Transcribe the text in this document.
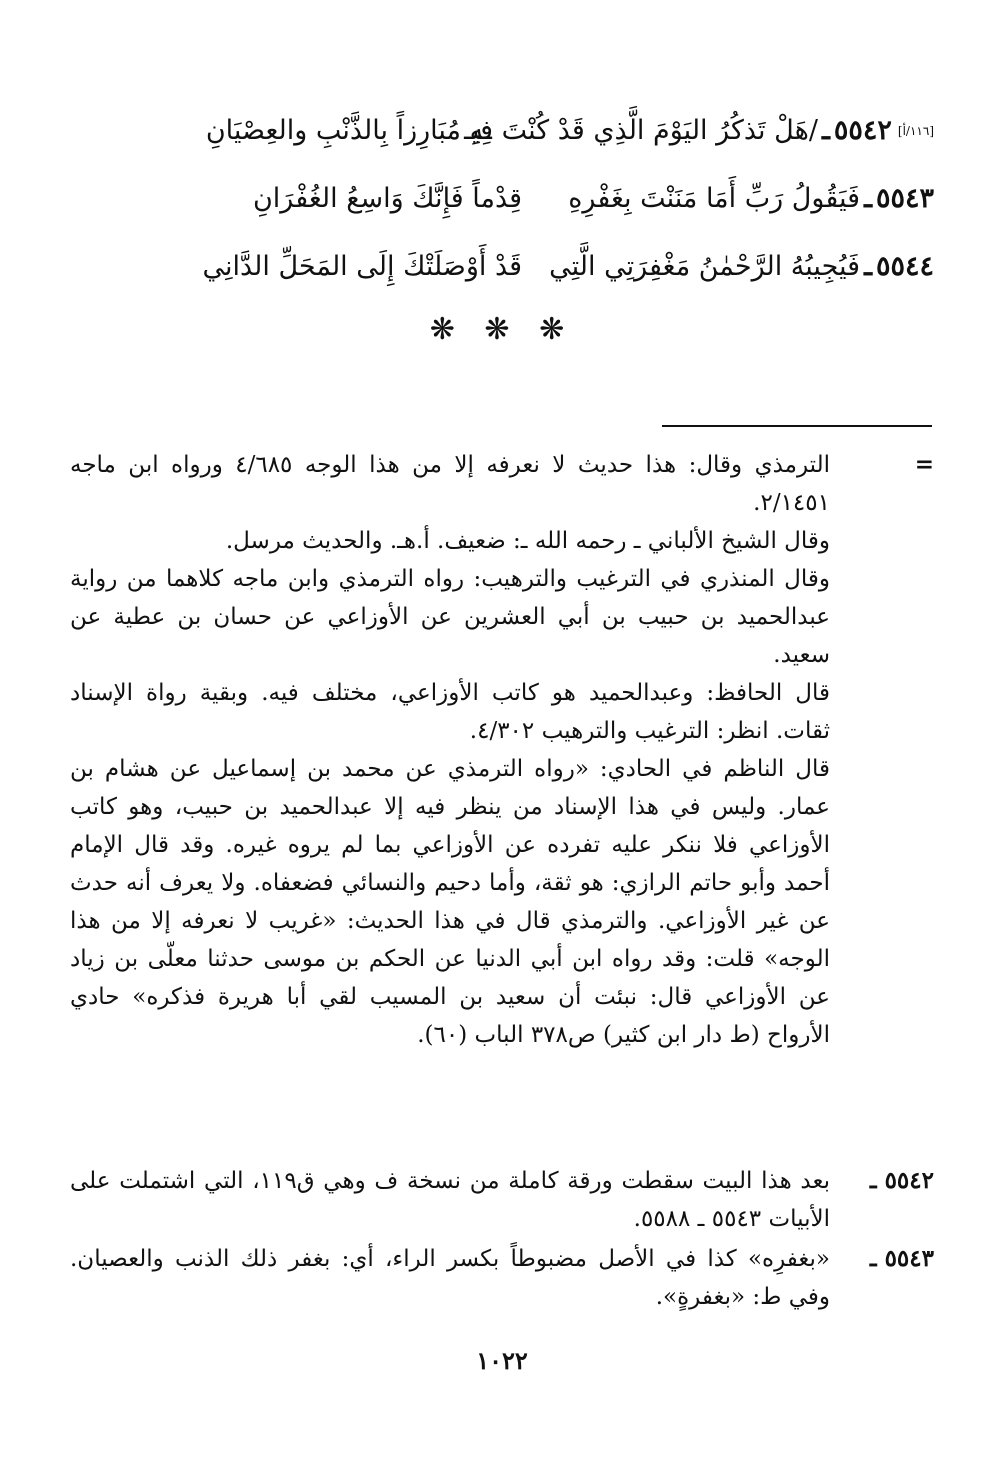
[١١٦/أ]
٥٥٤٢
ـ
/هَلْ تَذكُرُ اليَوْمَ الَّذِي قَدْ كُنْتَ فِيـ
ـهِ مُبَارِزاً بِالذَّنْبِ والعِصْيَانِ
٥٥٤٣
ـ
فَيَقُولُ رَبِّ أَمَا مَنَنْتَ بِغَفْرِهِ
قِدْماً فَإِنَّكَ وَاسِعُ الغُفْرَانِ
٥٥٤٤
ـ
فَيُجِيبُهُ الرَّحْمٰنُ مَغْفِرَتِي الَّتِي
قَدْ أَوْصَلَتْكَ إِلَى المَحَلِّ الدَّانِي
❋ ❋ ❋
=

الترمذي وقال: هذا حديث لا نعرفه إلا من هذا الوجه ٤/٦٨٥ ورواه ابن ماجه ٢/١٤٥١.

وقال الشيخ الألباني ـ رحمه الله ـ: ضعيف. أ.هـ. والحديث مرسل.

وقال المنذري في الترغيب والترهيب: رواه الترمذي وابن ماجه كلاهما من رواية عبدالحميد بن حبيب بن أبي العشرين عن الأوزاعي عن حسان بن عطية عن سعيد.

قال الحافظ: وعبدالحميد هو كاتب الأوزاعي، مختلف فيه. وبقية رواة الإسناد ثقات. انظر: الترغيب والترهيب ٤/٣٠٢.

قال الناظم في الحادي: «رواه الترمذي عن محمد بن إسماعيل عن هشام بن عمار. وليس في هذا الإسناد من ينظر فيه إلا عبدالحميد بن حبيب، وهو كاتب الأوزاعي فلا ننكر عليه تفرده عن الأوزاعي بما لم يروه غيره. وقد قال الإمام أحمد وأبو حاتم الرازي: هو ثقة، وأما دحيم والنسائي فضعفاه. ولا يعرف أنه حدث عن غير الأوزاعي. والترمذي قال في هذا الحديث: «غريب لا نعرفه إلا من هذا الوجه» قلت: وقد رواه ابن أبي الدنيا عن الحكم بن موسى حدثنا معلّى بن زياد عن الأوزاعي قال: نبئت أن سعيد بن المسيب لقي أبا هريرة فذكره» حادي الأرواح (ط دار ابن كثير) ص٣٧٨ الباب (٦٠).

٥٥٤٢ ـ

بعد هذا البيت سقطت ورقة كاملة من نسخة ف وهي ق١١٩، التي اشتملت على الأبيات ٥٥٤٣ ـ ٥٥٨٨.

٥٥٤٣ ـ

«بغفرِه» كذا في الأصل مضبوطاً بكسر الراء، أي: بغفر ذلك الذنب والعصيان. وفي ط: «بغفرةٍ».

١٠٢٢
